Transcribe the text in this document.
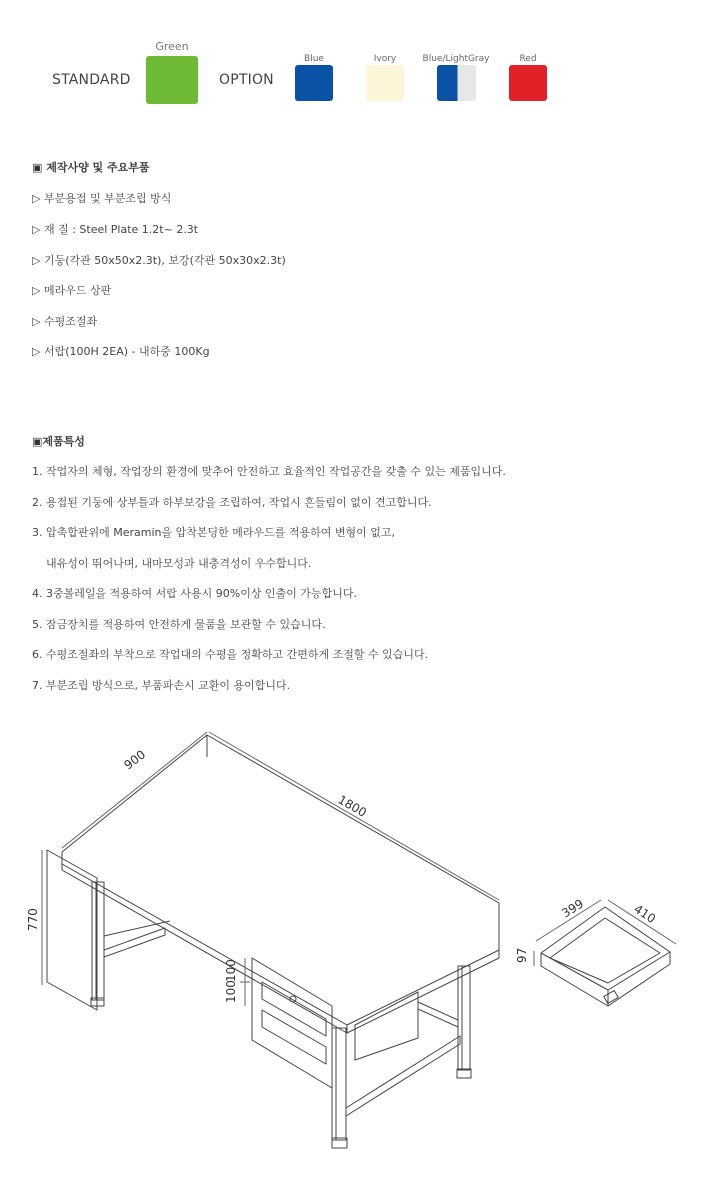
STANDARD
Green
OPTION
Blue	Ivory	Blue/LightGray	Red
▣ 제작사양 및 주요부품
▷ 부분용접 및 부분조립 방식
▷ 재 질 : Steel Plate 1.2t~ 2.3t
▷ 기둥(각관 50x50x2.3t), 보강(각관 50x30x2.3t)
▷ 메라우드 상판
▷ 수평조절좌
▷ 서랍(100H 2EA) - 내하중 100Kg
▣제품특성
1. 작업자의 체형, 작업장의 환경에 맞추어 안전하고 효율적인 작업공간을 갖출 수 있는 제품입니다.
2. 용접된 기둥에 상부틀과 하부보강을 조립하여, 작업시 흔들림이 없이 견고합니다.
3. 압축합판위에 Meramin을 압착본딩한 메라우드를 적용하여 변형이 없고,
내유성이 뛰어나며, 내마모성과 내충격성이 우수합니다.
4. 3중볼레일을 적용하여 서랍 사용시 90%이상 인출이 가능합니다.
5. 잠금장치를 적용하여 안전하게 물품을 보관할 수 있습니다.
6. 수평조절좌의 부착으로 작업대의 수평을 정확하고 간편하게 조절할 수 있습니다.
7. 부분조립 방식으로, 부품파손시 교환이 용이합니다.
900
1800
770
100
100
399	410
97
